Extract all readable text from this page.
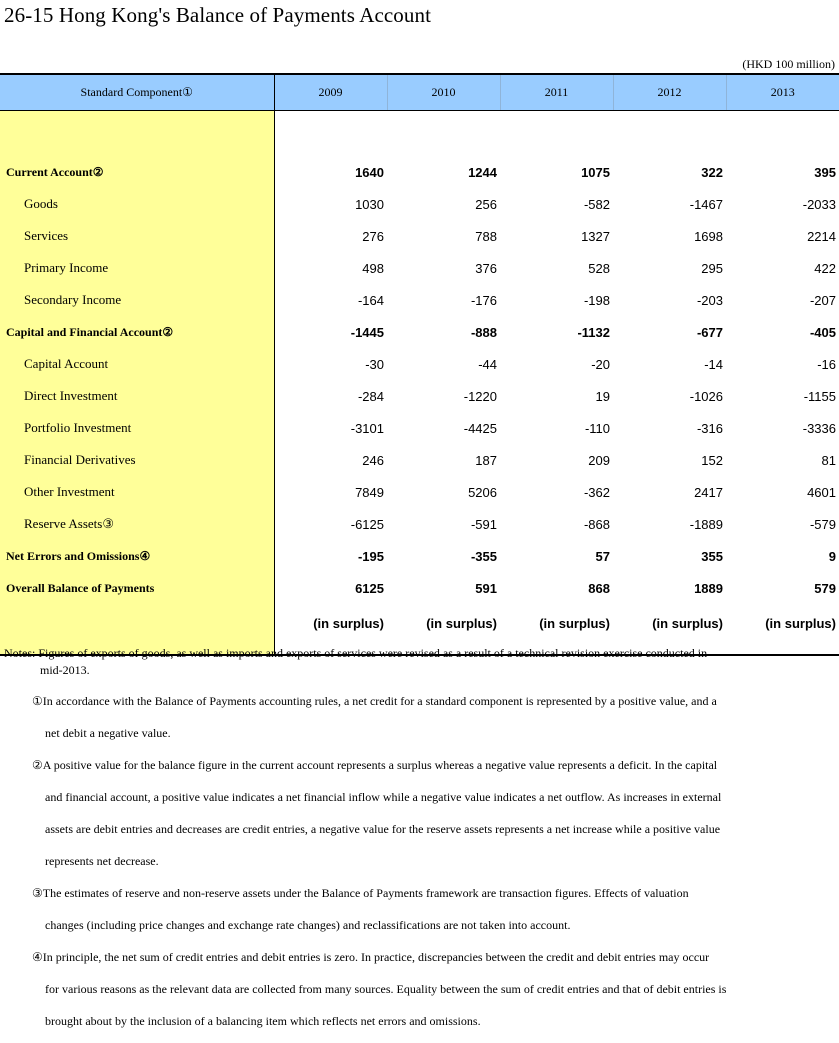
26-15 Hong Kong's Balance of Payments Account
(HKD 100 million)
Standard Component①	2009	2010	2011	2012	2013

Current Account②	1640	1244	1075	322	395
Goods	1030	256	-582	-1467	-2033
Services	276	788	1327	1698	2214
Primary Income	498	376	528	295	422
Secondary Income	-164	-176	-198	-203	-207
Capital and Financial Account②	-1445	-888	-1132	-677	-405
Capital Account	-30	-44	-20	-14	-16
Direct Investment	-284	-1220	19	-1026	-1155
Portfolio Investment	-3101	-4425	-110	-316	-3336
Financial Derivatives	246	187	209	152	81
Other Investment	7849	5206	-362	2417	4601
Reserve Assets③	-6125	-591	-868	-1889	-579
Net Errors and Omissions④	-195	-355	57	355	9
Overall Balance of Payments	6125	591	868	1889	579
	(in surplus)	(in surplus)	(in surplus)	(in surplus)	(in surplus)
Notes: Figures of exports of goods, as well as imports and exports of services were revised as a result of a technical revision exercise conducted in
mid-2013.
①In accordance with the Balance of Payments accounting rules, a net credit for a standard component is represented by a positive value, and a
net debit a negative value.
②A positive value for the balance figure in the current account represents a surplus whereas a negative value represents a deficit. In the capital
and financial account, a positive value indicates a net financial inflow while a negative value indicates a net outflow. As increases in external
assets are debit entries and decreases are credit entries, a negative value for the reserve assets represents a net increase while a positive value
represents net decrease.
③The estimates of reserve and non-reserve assets under the Balance of Payments framework are transaction figures. Effects of valuation
changes (including price changes and exchange rate changes) and reclassifications are not taken into account.
④In principle, the net sum of credit entries and debit entries is zero. In practice, discrepancies between the credit and debit entries may occur
for various reasons as the relevant data are collected from many sources. Equality between the sum of credit entries and that of debit entries is
brought about by the inclusion of a balancing item which reflects net errors and omissions.
